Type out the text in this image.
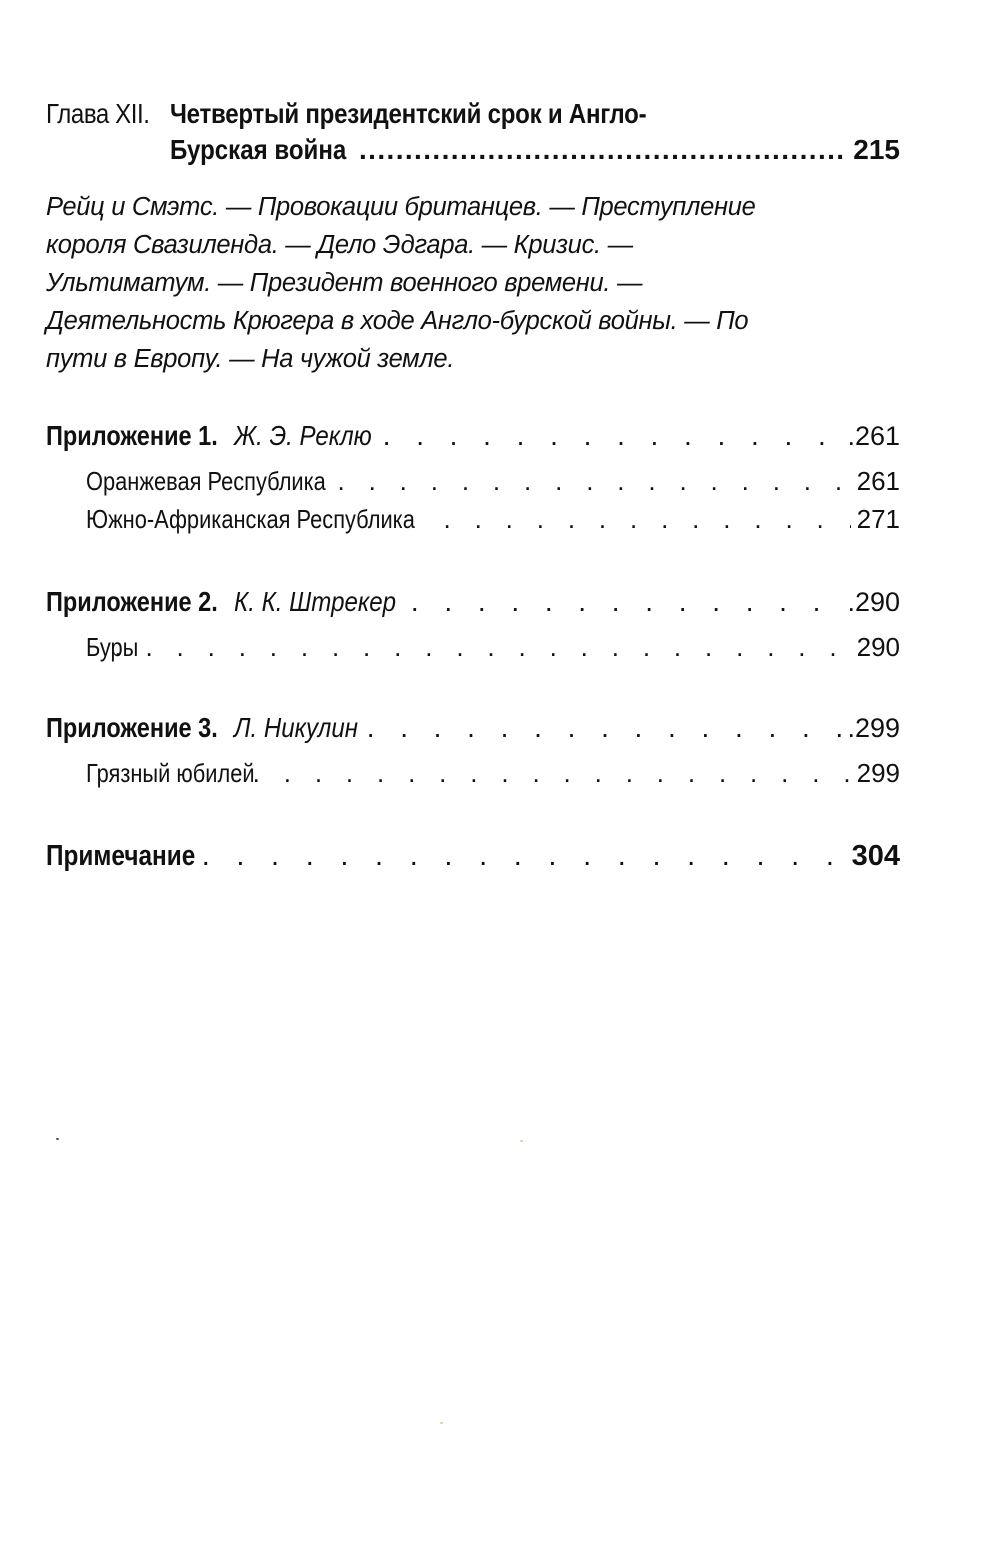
Глава XII. Четвертый президентский срок и Англо-
Бурская война .....	215
Рейц и Смэтс. — Провокации британцев. — Преступление короля Свазиленда. — Дело Эдгара. — Кризис. — Ультиматум. — Президент военного времени. — Деятельность Крюгера в ходе Англо-бурской войны. — По пути в Европу. — На чужой земле.
Приложение 1. Ж. Э. Реклю . . .	.261
Оранжевая Республика . . .	261
Южно-Африканская Республика . . .	271
Приложение 2. К. К. Штрекер . . .	.290
Буры . . .	290
Приложение 3. Л. Никулин . . .	.299
Грязный юбилей . . .	299
Примечание . . .	304
